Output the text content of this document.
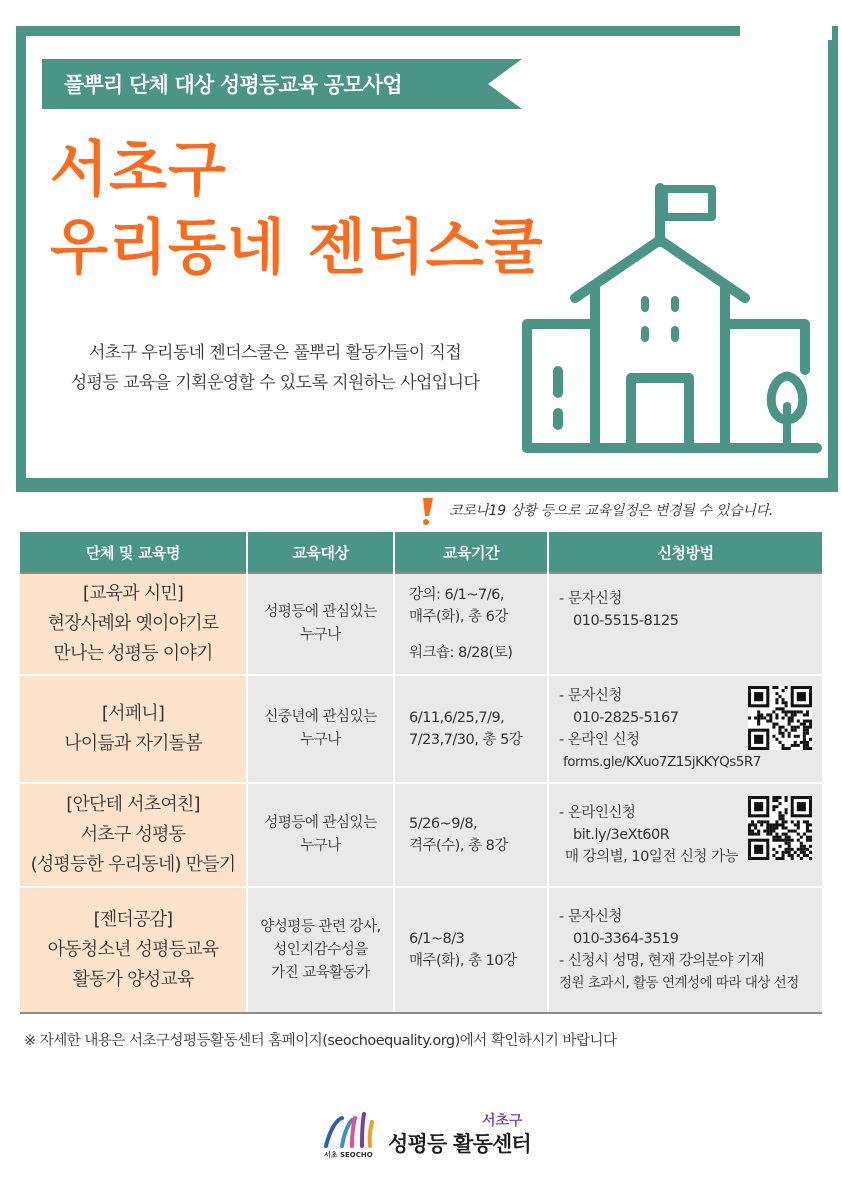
풀뿌리 단체 대상 성평등교육 공모사업
서초구
우리동네 젠더스쿨
서초구 우리동네 젠더스쿨은 풀뿌리 활동가들이 직접
성평등 교육을 기획운영할 수 있도록 지원하는 사업입니다
코로나19 상황 등으로 교육일정은 변경될 수 있습니다.
단체 및 교육명	교육대상	교육기간	신청방법

[교육과 시민]
현장사례와 옛이야기로
만나는 성평등 이야기	성평등에 관심있는
누구나	강의: 6/1~7/6,
매주(화), 총 6강
워크숍: 8/28(토)	- 문자신청
010-5515-8125

[서페니]
나이듦과 자기돌봄	신중년에 관심있는
누구나	6/11,6/25,7/9,
7/23,7/30, 총 5강	- 문자신청
010-2825-5167
- 온라인 신청
forms.gle/KXuo7Z15jKKYQs5R7

[안단테 서초여친]
서초구 성평동
(성평등한 우리동네) 만들기	성평등에 관심있는
누구나	5/26~9/8,
격주(수), 총 8강	- 온라인신청
bit.ly/3eXt60R
매 강의별, 10일전 신청 가능

[젠더공감]
아동청소년 성평등교육
활동가 양성교육	양성평등 관련 강사,
성인지감수성을
가진 교육활동가	6/1~8/3
매주(화), 총 10강	- 문자신청
010-3364-3519
- 신청시 성명, 현재 강의분야 기재
정원 초과시, 활동 연계성에 따라 대상 선정
※ 자세한 내용은 서초구성평등활동센터 홈페이지(seochoequality.org)에서 확인하시기 바랍니다
서초 SEOCHO
서초구
성평등 활동센터
